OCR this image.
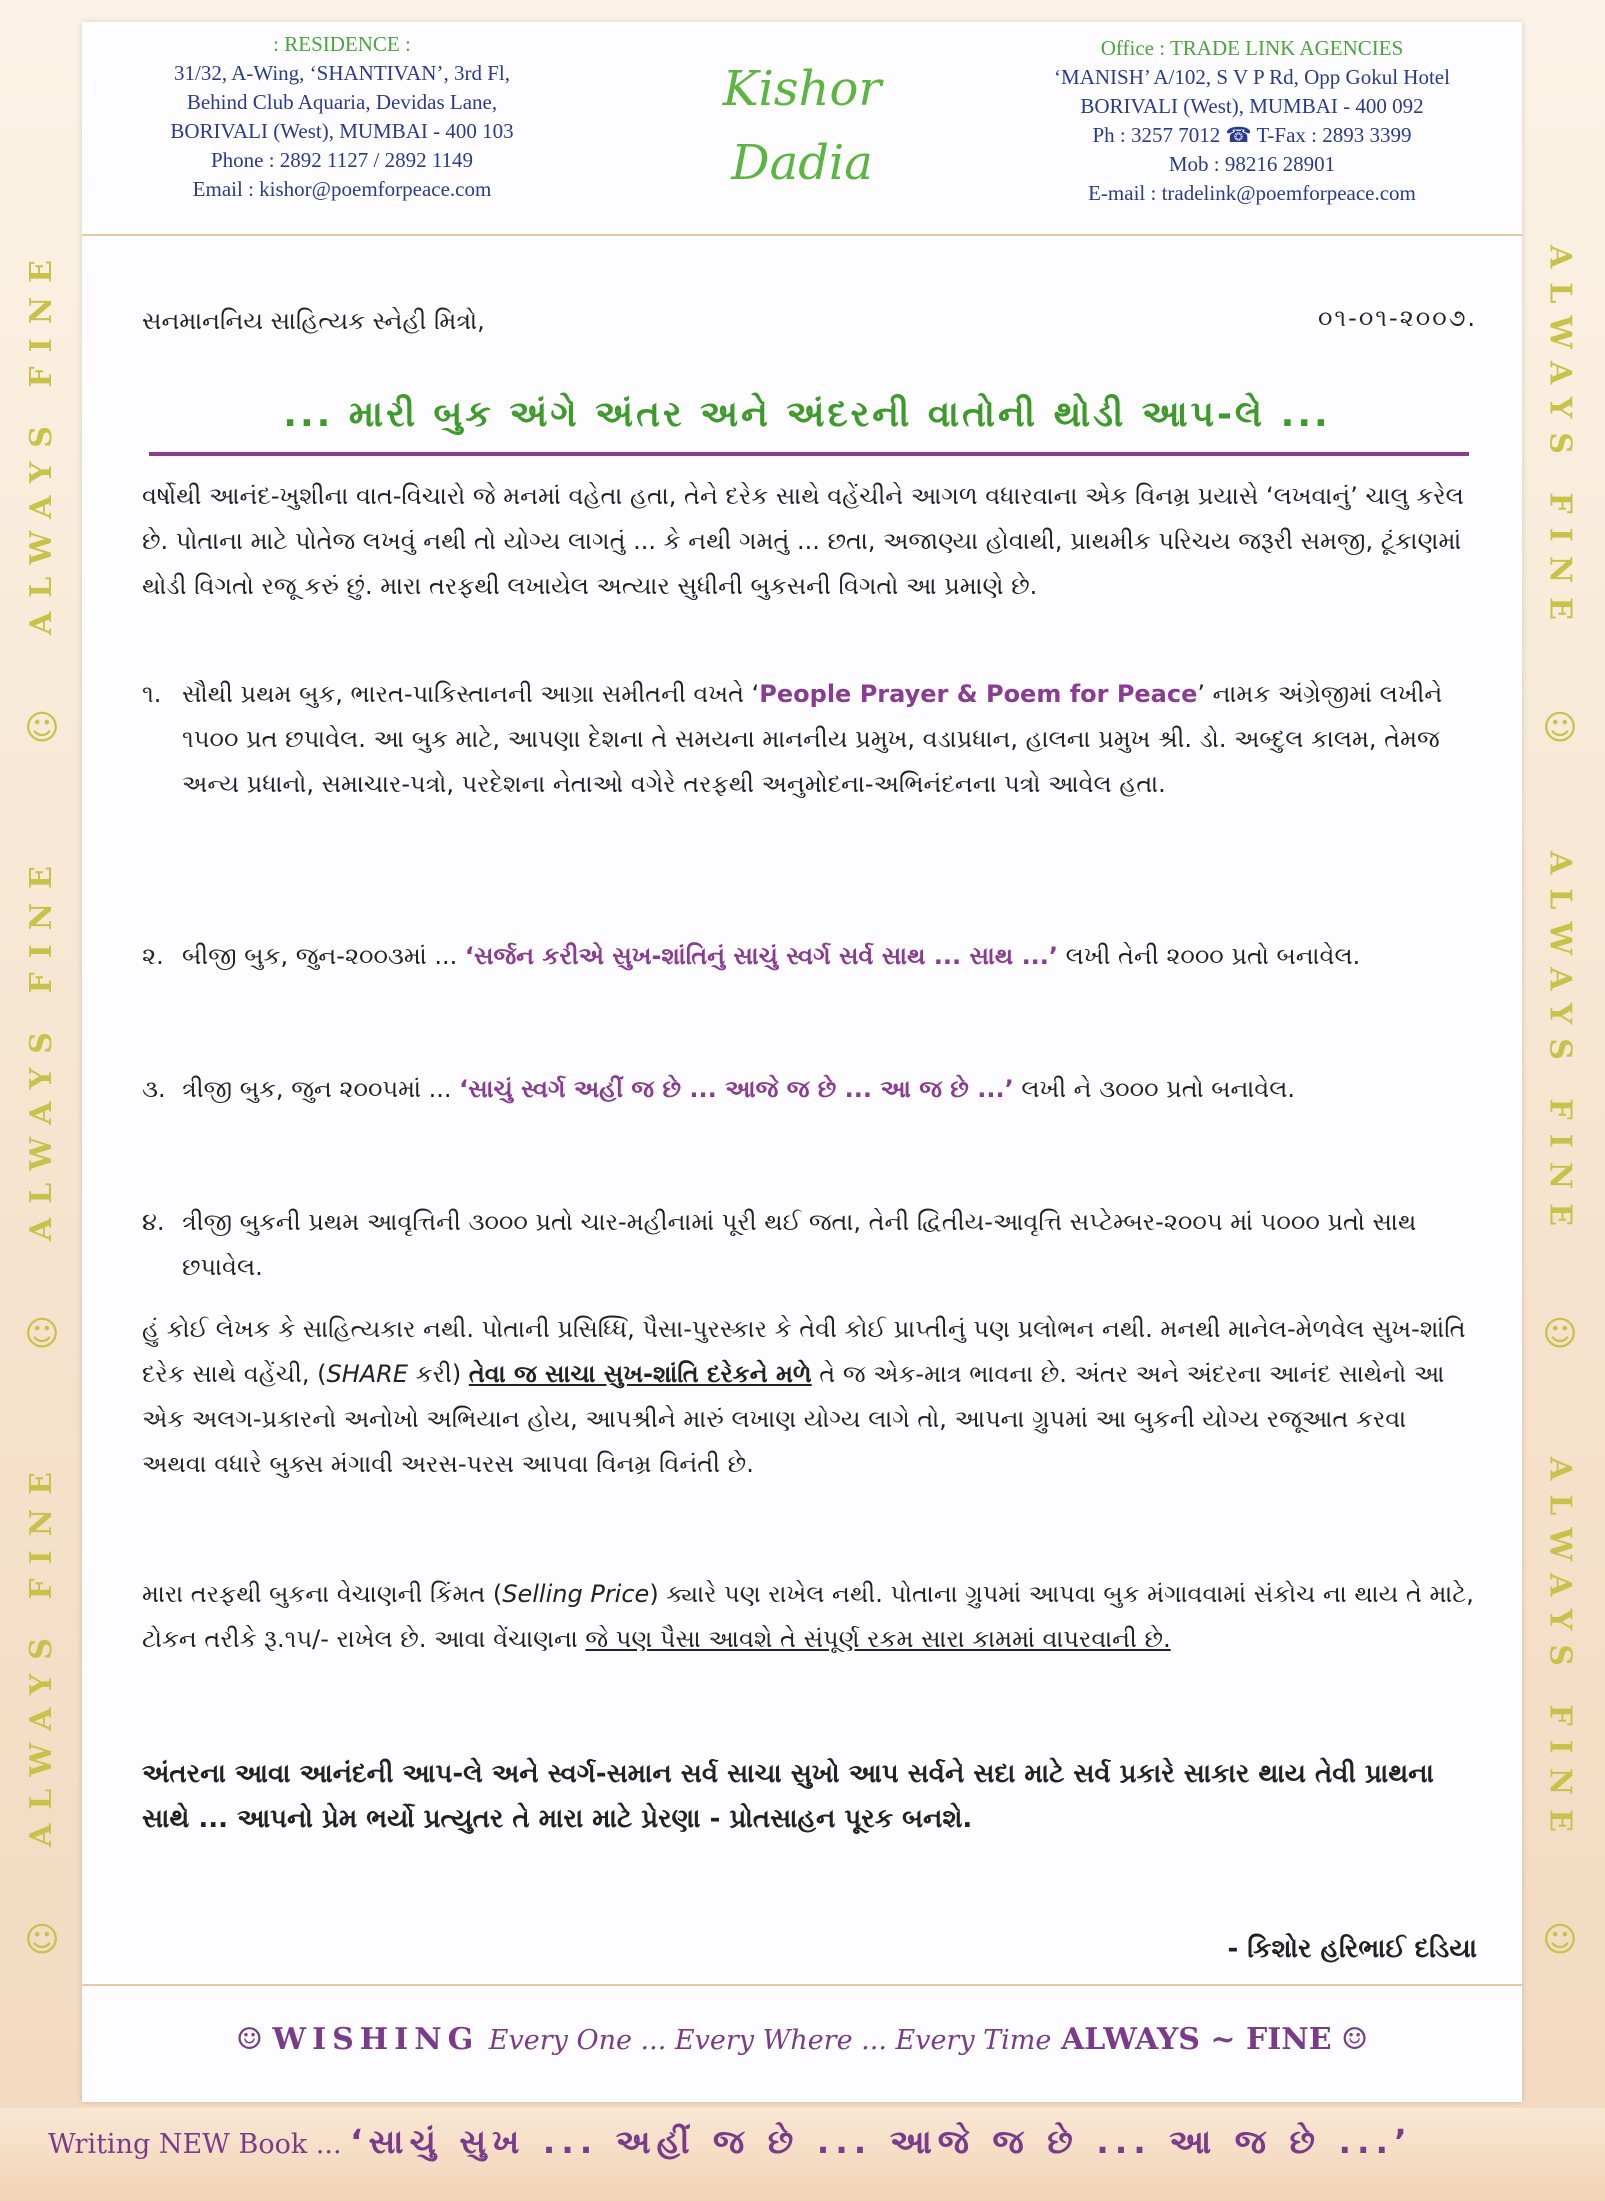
ALWAYS FINE
☺
ALWAYS FINE
☺
ALWAYS FINE
☺
ALWAYS FINE
☺
ALWAYS FINE
☺
ALWAYS FINE
☺
: RESIDENCE :
31/32, A-Wing, ‘SHANTIVAN’, 3rd Fl,
Behind Club Aquaria, Devidas Lane,
BORIVALI (West), MUMBAI - 400 103
Phone : 2892 1127 / 2892 1149
Email : kishor@poemforpeace.com
Kishor
Dadia
Office : TRADE LINK AGENCIES
‘MANISH’ A/102, S V P Rd, Opp Gokul Hotel
BORIVALI (West), MUMBAI - 400 092
Ph : 3257 7012 ☎ T-Fax : 2893 3399
Mob : 98216 28901
E-mail : tradelink@poemforpeace.com
સનમાનનિય સાહિત્યક સ્નેહી મિત્રો,	૦૧-૦૧-૨૦૦૭.
... મારી બુક અંગે અંતર અને અંદરની વાતોની થોડી આપ-લે ...
વર્ષોથી આનંદ-ખુશીના વાત-વિચારો જે મનમાં વહેતા હતા, તેને દરેક સાથે વહેંચીને આગળ વધારવાના એક વિનમ્ર પ્રયાસે ‘લખવાનું’ ચાલુ કરેલ છે. પોતાના માટે પોતેજ લખવું નથી તો યોગ્ય લાગતું ... કે નથી ગમતું ... છતા, અજાણ્યા હોવાથી, પ્રાથમીક પરિચય જરૂરી સમજી, ટૂંકાણમાં થોડી વિગતો રજૂ કરું છું. મારા તરફથી લખાયેલ અત્યાર સુધીની બુકસની વિગતો આ પ્રમાણે છે.
૧. સૌથી પ્રથમ બુક, ભારત-પાકિસ્તાનની આગ્રા સમીતની વખતે ‘People Prayer & Poem for Peace’ નામક અંગ્રેજીમાં લખીને ૧૫૦૦ પ્રત છપાવેલ. આ બુક માટે, આપણા દેશના તે સમયના માનનીય પ્રમુખ, વડાપ્રધાન, હાલના પ્રમુખ શ્રી. ડો. અબ્દુલ કાલમ, તેમજ અન્ય પ્રધાનો, સમાચાર-પત્રો, પરદેશના નેતાઓ વગેરે તરફથી અનુમોદના-અભિનંદનના પત્રો આવેલ હતા.
૨. બીજી બુક, જુન-૨૦૦૩માં ... ‘સર્જન કરીએ સુખ-શાંતિનું સાચું સ્વર્ગ સર્વ સાથ ... સાથ ...’ લખી તેની ૨૦૦૦ પ્રતો બનાવેલ.
૩. ત્રીજી બુક, જુન ૨૦૦૫માં ... ‘સાચું સ્વર્ગ અહીં જ છે ... આજે જ છે ... આ જ છે ...’ લખી ને ૩૦૦૦ પ્રતો બનાવેલ.
૪. ત્રીજી બુકની પ્રથમ આવૃત્તિની ૩૦૦૦ પ્રતો ચાર-મહીનામાં પૂરી થઈ જતા, તેની દ્વિતીય-આવૃત્તિ સપ્ટેમ્બર-૨૦૦૫ માં ૫૦૦૦ પ્રતો સાથ છપાવેલ.
હું કોઈ લેખક કે સાહિત્યકાર નથી. પોતાની પ્રસિધ્ધિ, પૈસા-પુરસ્કાર કે તેવી કોઈ પ્રાપ્તીનું પણ પ્રલોભન નથી. મનથી માનેલ-મેળવેલ સુખ-શાંતિ દરેક સાથે વહેંચી, (SHARE કરી) તેવા જ સાચા સુખ-શાંતિ દરેકને મળે તે જ એક-માત્ર ભાવના છે. અંતર અને અંદરના આનંદ સાથેનો આ એક અલગ-પ્રકારનો અનોખો અભિયાન હોય, આપશ્રીને મારું લખાણ યોગ્ય લાગે તો, આપના ગ્રુપમાં આ બુકની યોગ્ય રજૂઆત કરવા અથવા વધારે બુક્સ મંગાવી અરસ-પરસ આપવા વિનમ્ર વિનંતી છે.
મારા તરફથી બુકના વેચાણની કિંમત (Selling Price) ક્યારે પણ રાખેલ નથી. પોતાના ગ્રુપમાં આપવા બુક મંગાવવામાં સંકોચ ના થાય તે માટે, ટોકન તરીકે રૂ.૧૫/- રાખેલ છે. આવા વેંચાણના જે પણ પૈસા આવશે તે સંપૂર્ણ રકમ સારા કામમાં વાપરવાની છે.
અંતરના આવા આનંદની આપ-લે અને સ્વર્ગ-સમાન સર્વ સાચા સુખો આપ સર્વને સદા માટે સર્વ પ્રકારે સાકાર થાય તેવી પ્રાથના સાથે ... આપનો પ્રેમ ભર્યો પ્રત્યુતર તે મારા માટે પ્રેરણા - પ્રોતસાહન પૂરક બનશે.
- કિશોર હરિભાઈ દડિયા
☺ WISHING Every One ... Every Where ... Every Time ALWAYS ~ FINE ☺
Writing NEW Book ... ‘સાચું સુખ ... અહીં જ છે ... આજે જ છે ... આ જ છે ...’
